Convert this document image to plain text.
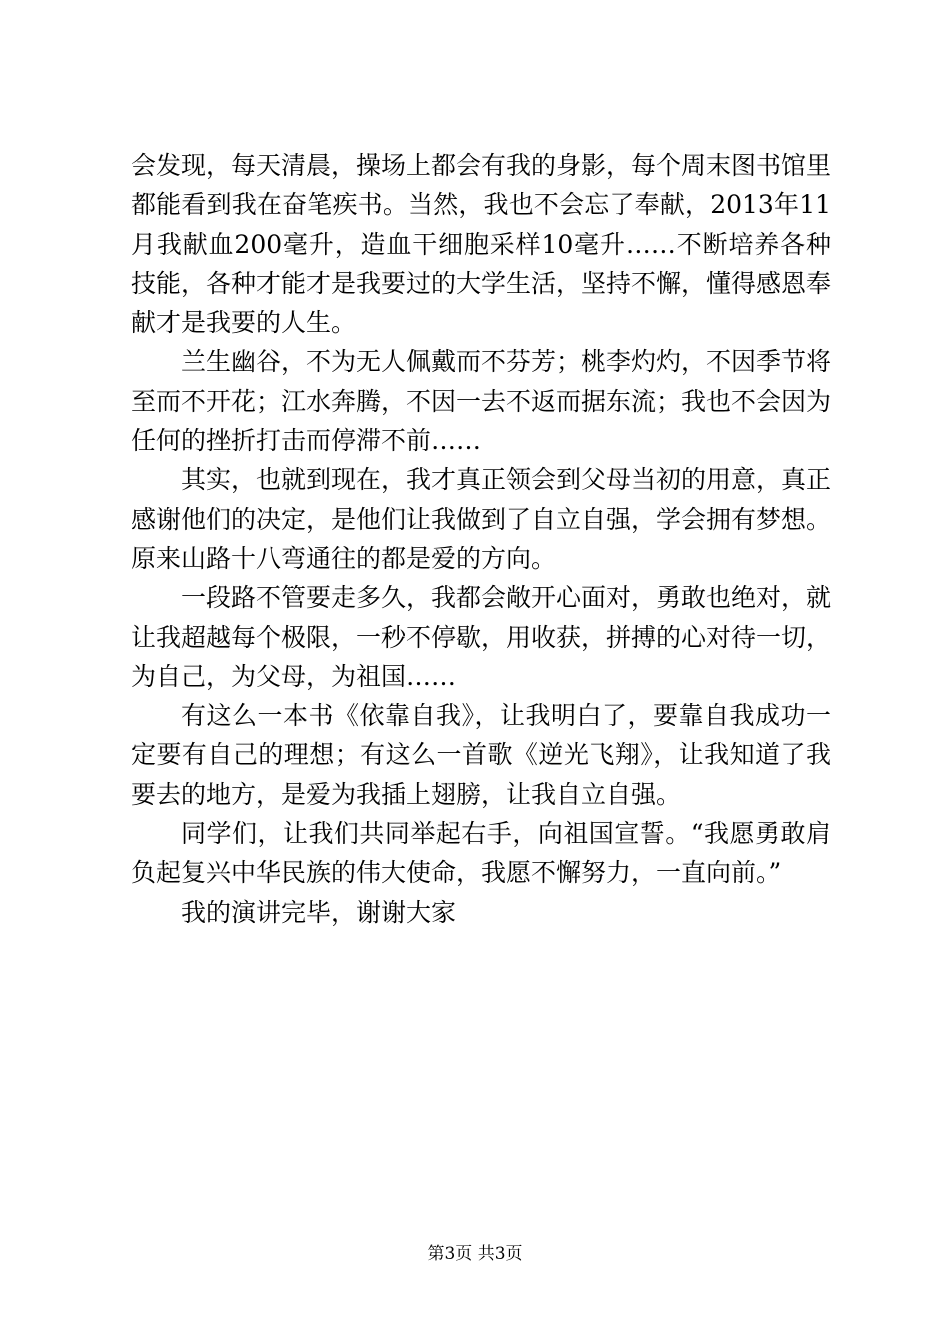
会发现，每天清晨，操场上都会有我的身影，每个周末图书馆里都能看到我在奋笔疾书。当然，我也不会忘了奉献，2013年11月我献血200毫升，造血干细胞采样10毫升……不断培养各种技能，各种才能才是我要过的大学生活，坚持不懈，懂得感恩奉献才是我要的人生。

兰生幽谷，不为无人佩戴而不芬芳；桃李灼灼，不因季节将至而不开花；江水奔腾，不因一去不返而据东流；我也不会因为任何的挫折打击而停滞不前……

其实，也就到现在，我才真正领会到父母当初的用意，真正感谢他们的决定，是他们让我做到了自立自强，学会拥有梦想。原来山路十八弯通往的都是爱的方向。

一段路不管要走多久，我都会敞开心面对，勇敢也绝对，就让我超越每个极限，一秒不停歇，用收获，拼搏的心对待一切，为自己，为父母，为祖国……

有这么一本书《依靠自我》，让我明白了，要靠自我成功一定要有自己的理想；有这么一首歌《逆光飞翔》，让我知道了我要去的地方，是爱为我插上翅膀，让我自立自强。

同学们，让我们共同举起右手，向祖国宣誓。“我愿勇敢肩负起复兴中华民族的伟大使命，我愿不懈努力，一直向前。”

我的演讲完毕，谢谢大家

第3页 共3页
